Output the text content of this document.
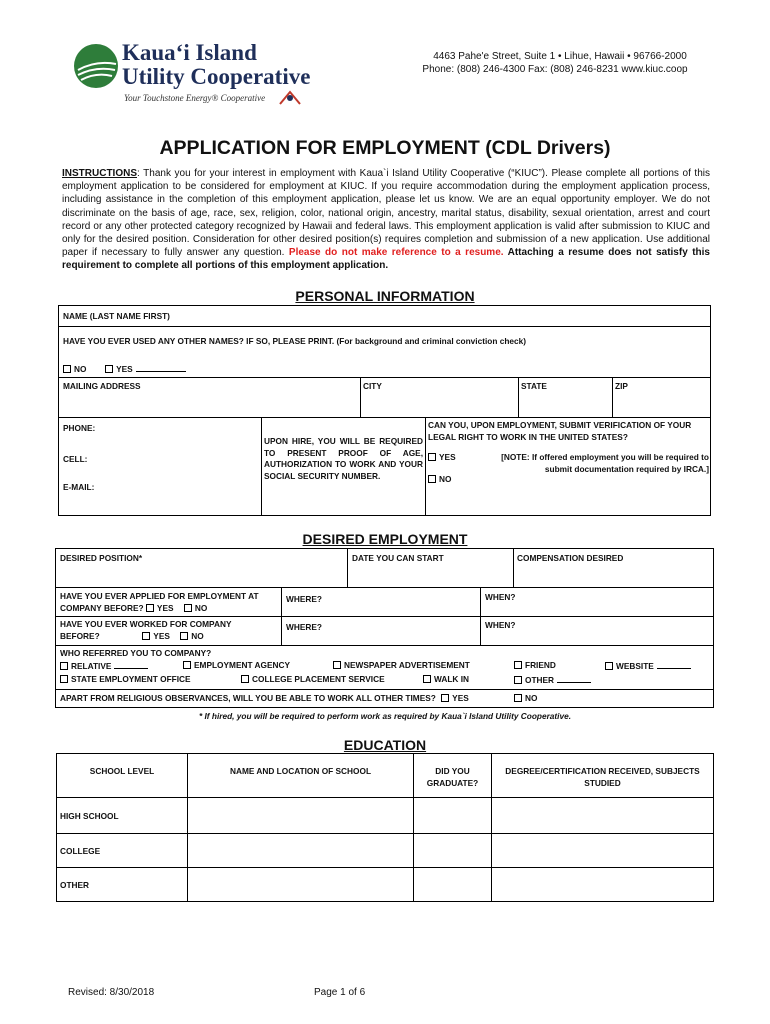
Kauaʻi Island
Utility Cooperative
Your Touchstone Energy® Cooperative
4463 Pahe'e Street, Suite 1 • Lihue, Hawaii • 96766-2000
Phone: (808) 246-4300 Fax: (808) 246-8231 www.kiuc.coop
APPLICATION FOR EMPLOYMENT (CDL Drivers)
INSTRUCTIONS: Thank you for your interest in employment with Kaua`i Island Utility Cooperative (“KIUC”). Please complete all portions of this employment application to be considered for employment at KIUC. If you require accommodation during the employment application process, including assistance in the completion of this employment application, please let us know. We are an equal opportunity employer. We do not discriminate on the basis of age, race, sex, religion, color, national origin, ancestry, marital status, disability, sexual orientation, arrest and court record or any other protected category recognized by Hawaii and federal laws. This employment application is valid after submission to KIUC and only for the desired position. Consideration for other desired position(s) requires completion and submission of a new application. Use additional paper if necessary to fully answer any question. Please do not make reference to a resume. Attaching a resume does not satisfy this requirement to complete all portions of this employment application.
PERSONAL INFORMATION
NAME (LAST NAME FIRST)
HAVE YOU EVER USED ANY OTHER NAMES? IF SO, PLEASE PRINT. (For background and criminal conviction check)
NO	YES
MAILING ADDRESS	CITY	STATE	ZIP
PHONE:
CELL:
E-MAIL:
UPON HIRE, YOU WILL BE REQUIRED TO PRESENT PROOF OF AGE, AUTHORIZATION TO WORK AND YOUR SOCIAL SECURITY NUMBER.
CAN YOU, UPON EMPLOYMENT, SUBMIT VERIFICATION OF YOUR LEGAL RIGHT TO WORK IN THE UNITED STATES?
YES	[NOTE: If offered employment you will be required to submit documentation required by IRCA.]
NO
DESIRED EMPLOYMENT
DESIRED POSITION*	DATE YOU CAN START	COMPENSATION DESIRED
HAVE YOU EVER APPLIED FOR EMPLOYMENT AT COMPANY BEFORE? YES	NO
WHERE?	WHEN?
HAVE YOU EVER WORKED FOR COMPANY BEFORE?	YES	NO
WHERE?	WHEN?
WHO REFERRED YOU TO COMPANY?
RELATIVE	EMPLOYMENT AGENCY	NEWSPAPER ADVERTISEMENT	FRIEND	WEBSITE
STATE EMPLOYMENT OFFICE	COLLEGE PLACEMENT SERVICE	WALK IN	OTHER
APART FROM RELIGIOUS OBSERVANCES, WILL YOU BE ABLE TO WORK ALL OTHER TIMES? YES	NO
* If hired, you will be required to perform work as required by Kaua`i Island Utility Cooperative.
EDUCATION
SCHOOL LEVEL	NAME AND LOCATION OF SCHOOL	DID YOU GRADUATE?	DEGREE/CERTIFICATION RECEIVED, SUBJECTS STUDIED
HIGH SCHOOL			
COLLEGE			
OTHER			
Revised: 8/30/2018	Page 1 of 6
